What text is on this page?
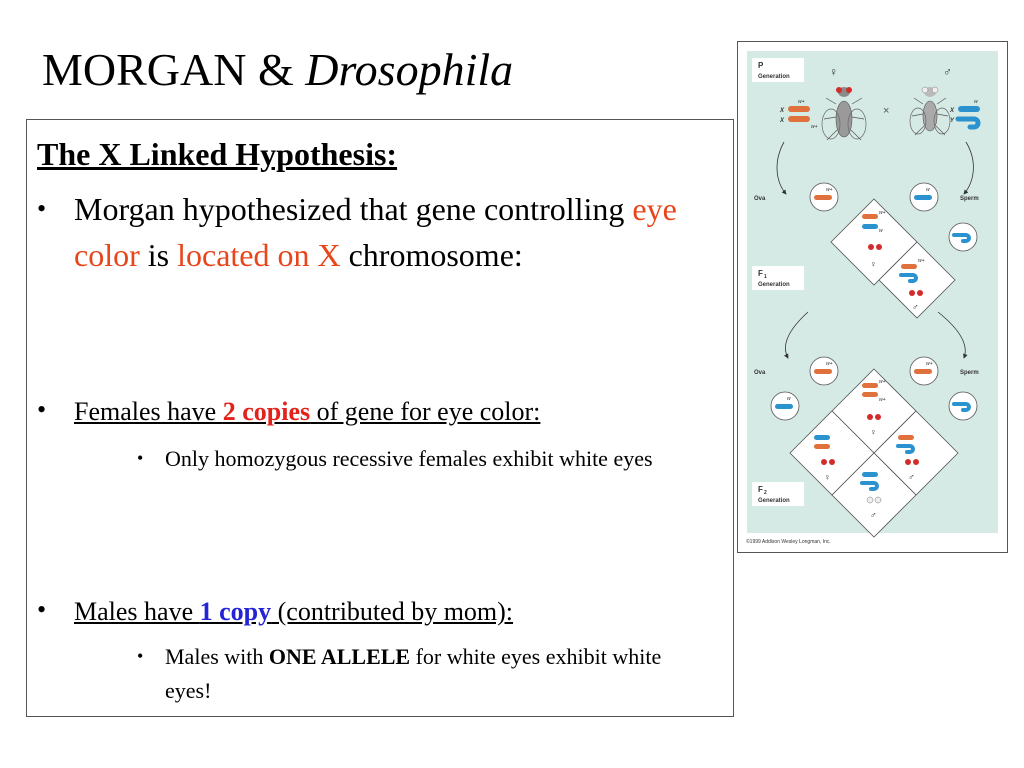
MORGAN & Drosophila
The X Linked Hypothesis:
• Morgan hypothesized that gene controlling eye color is located on X chromosome:
• Females have 2 copies of gene for eye color:
• Only homozygous recessive females exhibit white eyes
• Males have 1 copy (contributed by mom):
• Males with ONE ALLELE for white eyes exhibit white eyes!
P
Generation	♀
×
♂
X
X
w+
w+
X
Y
w
Ova
w+
Sperm
w
w+
w
♀	w+
♂
F 1
Generation
Ova
w+
w
Sperm
w+
w+
w+
♀
♀	♂
♂
F 2
Generation
©1999 Addison Wesley Longman, Inc.
